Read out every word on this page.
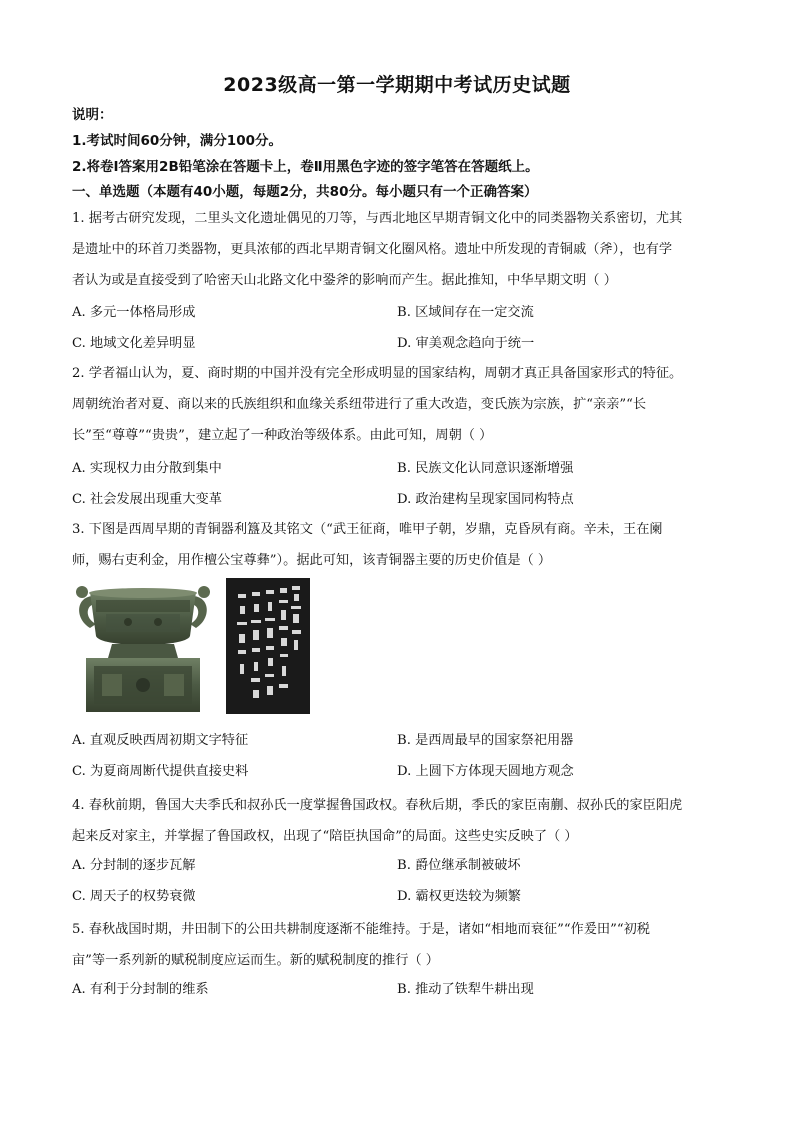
2023级高一第一学期期中考试历史试题
说明：
1.考试时间60分钟，满分100分。
2.将卷Ⅰ答案用2B铅笔涂在答题卡上，卷Ⅱ用黑色字迹的签字笔答在答题纸上。
一、单选题（本题有40小题，每题2分，共80分。每小题只有一个正确答案）

1. 据考古研究发现，二里头文化遗址偶见的刀等，与西北地区早期青铜文化中的同类器物关系密切，尤其

是遗址中的环首刀类器物，更具浓郁的西北早期青铜文化圈风格。遗址中所发现的青铜戚（斧），也有学

者认为或是直接受到了哈密天山北路文化中銎斧的影响而产生。据此推知，中华早期文明（ ）

A. 多元一体格局形成	B. 区域间存在一定交流
C. 地域文化差异明显	D. 审美观念趋向于统一

2. 学者福山认为，夏、商时期的中国并没有完全形成明显的国家结构，周朝才真正具备国家形式的特征。

周朝统治者对夏、商以来的氏族组织和血缘关系纽带进行了重大改造，变氏族为宗族，扩“亲亲”“长

长”至“尊尊”“贵贵”，建立起了一种政治等级体系。由此可知，周朝（ ）

A. 实现权力由分散到集中	B. 民族文化认同意识逐渐增强
C. 社会发展出现重大变革	D. 政治建构呈现家国同构特点

3. 下图是西周早期的青铜器利簋及其铭文（“武王征商，唯甲子朝，岁鼎，克昏夙有商。辛未，王在阑

师，赐右吏利金，用作檀公宝尊彝”）。据此可知，该青铜器主要的历史价值是（ ）

A. 直观反映西周初期文字特征	B. 是西周最早的国家祭祀用器
C. 为夏商周断代提供直接史料	D. 上圆下方体现天圆地方观念

4. 春秋前期，鲁国大夫季氏和叔孙氏一度掌握鲁国政权。春秋后期，季氏的家臣南蒯、叔孙氏的家臣阳虎

起来反对家主，并掌握了鲁国政权，出现了“陪臣执国命”的局面。这些史实反映了（ ）

A. 分封制的逐步瓦解	B. 爵位继承制被破坏
C. 周天子的权势衰微	D. 霸权更迭较为频繁

5. 春秋战国时期，井田制下的公田共耕制度逐渐不能维持。于是，诸如“相地而衰征”“作爰田”“初税

亩”等一系列新的赋税制度应运而生。新的赋税制度的推行（ ）

A. 有利于分封制的维系	B. 推动了铁犁牛耕出现
